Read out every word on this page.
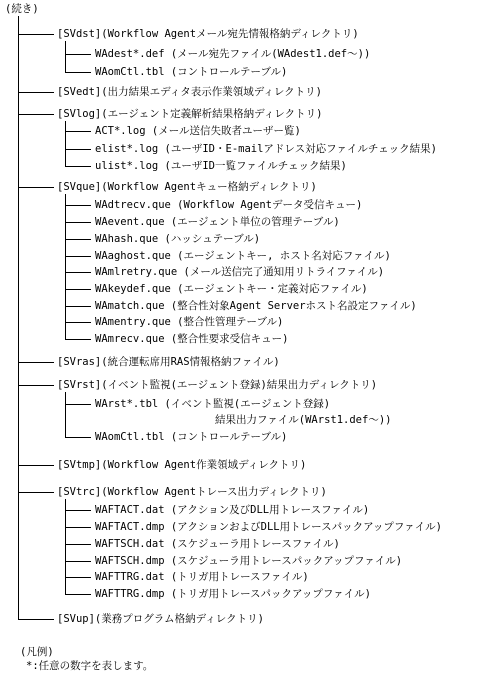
(続き)
[SVdst](Workflow Agentメール宛先情報格納ディレクトリ)
WAdest*.def (メール宛先ファイル(WAdest1.def～))
WAomCtl.tbl (コントロールテーブル)
[SVedt](出力結果エディタ表示作業領域ディレクトリ)
[SVlog](エージェント定義解析結果格納ディレクトリ)
ACT*.log (メール送信失敗者ユーザー覧)
elist*.log (ユーザID・E-mailアドレス対応ファイルチェック結果)
ulist*.log (ユーザID一覧ファイルチェック結果)
[SVque](Workflow Agentキュー格納ディレクトリ)
WAdtrecv.que (Workflow Agentデータ受信キュー)
WAevent.que (エージェント単位の管理テーブル)
WAhash.que (ハッシュテーブル)
WAaghost.que (エージェントキー, ホスト名対応ファイル)
WAmlretry.que (メール送信完了通知用リトライファイル)
WAkeydef.que (エージェントキー・定義対応ファイル)
WAmatch.que (整合性対象Agent Serverホスト名設定ファイル)
WAmentry.que (整合性管理テーブル)
WAmrecv.que (整合性要求受信キュー)
[SVras](統合運転席用RAS情報格納ファイル)
[SVrst](イベント監視(エージェント登録)結果出力ディレクトリ)
WArst*.tbl (イベント監視(エージェント登録)
結果出力ファイル(WArst1.def～))
WAomCtl.tbl (コントロールテーブル)
[SVtmp](Workflow Agent作業領域ディレクトリ)
[SVtrc](Workflow Agentトレース出力ディレクトリ)
WAFTACT.dat (アクション及びDLL用トレースファイル)
WAFTACT.dmp (アクションおよびDLL用トレースパックアップファイル)
WAFTSCH.dat (スケジューラ用トレースファイル)
WAFTSCH.dmp (スケジューラ用トレースパックアップファイル)
WAFTTRG.dat (トリガ用トレースファイル)
WAFTTRG.dmp (トリガ用トレースパックアップファイル)
[SVup](業務プログラム格納ディレクトリ)
(凡例)
*:任意の数字を表します。
